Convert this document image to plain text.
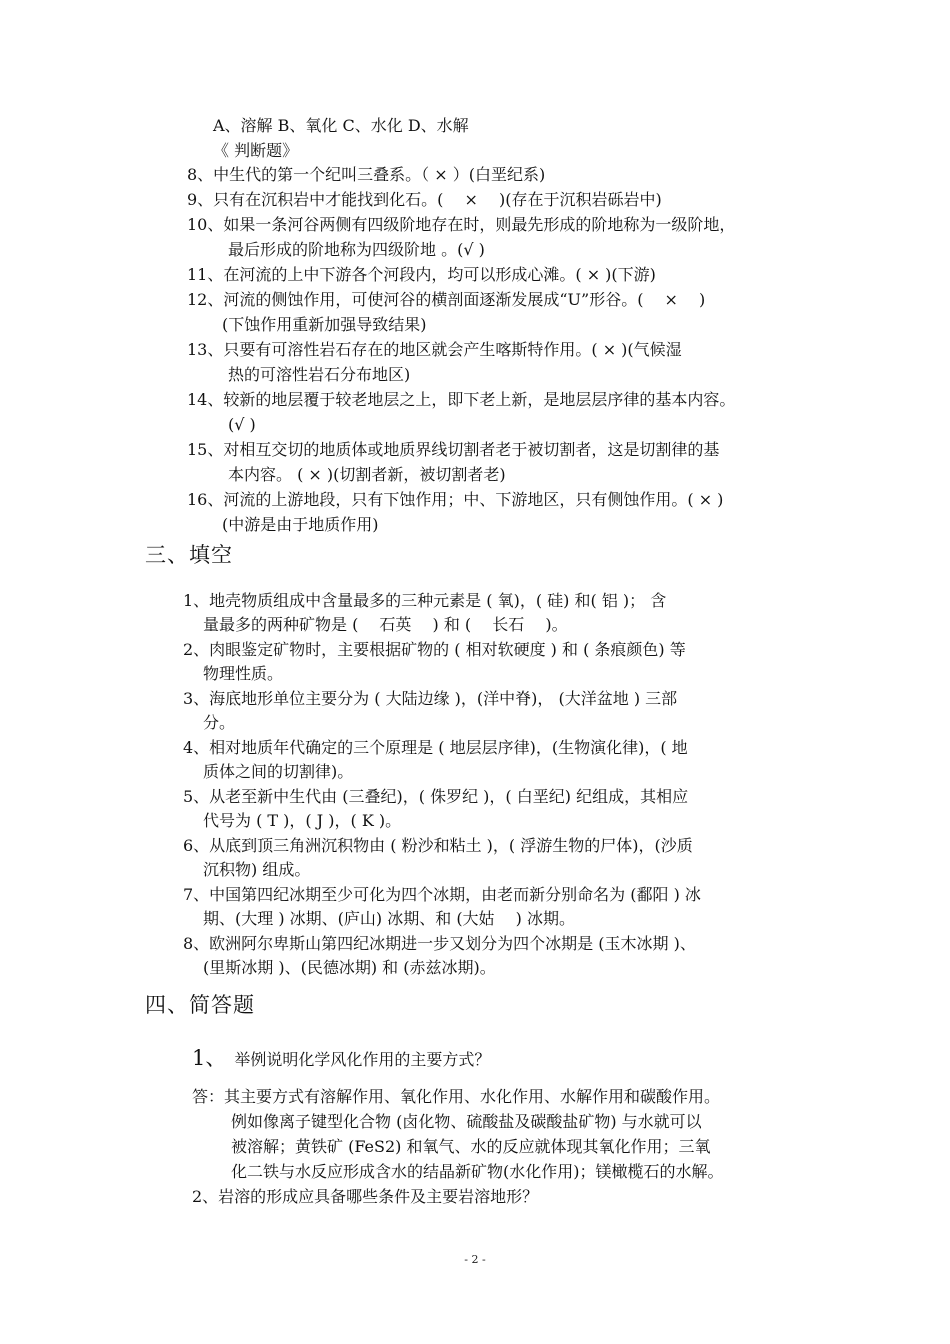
A、溶解 B、氧化 C、水化 D、水解
《 判断题》
8、中生代的第一个纪叫三叠系。（ × ）(白垩纪系)
9、只有在沉积岩中才能找到化石。(　 ×　 )(存在于沉积岩砾岩中)
10、如果一条河谷两侧有四级阶地存在时，则最先形成的阶地称为一级阶地，
最后形成的阶地称为四级阶地 。(√ )
11、在河流的上中下游各个河段内，均可以形成心滩。( × )(下游)
12、河流的侧蚀作用，可使河谷的横剖面逐渐发展成“U”形谷。(　 ×　 )
(下蚀作用重新加强导致结果)
13、只要有可溶性岩石存在的地区就会产生喀斯特作用。( × )(气候湿
热的可溶性岩石分布地区)
14、较新的地层覆于较老地层之上，即下老上新，是地层层序律的基本内容。
(√ )
15、对相互交切的地质体或地质界线切割者老于被切割者，这是切割律的基
本内容。 ( × )(切割者新，被切割者老)
16、河流的上游地段，只有下蚀作用；中、下游地区，只有侧蚀作用。( × )
(中游是由于地质作用)
三、填空
1、地壳物质组成中含量最多的三种元素是 ( 氧)，( 硅) 和( 铝 )； 含
量最多的两种矿物是 (　 石英　 ) 和 (　 长石　 )。
2、肉眼鉴定矿物时，主要根据矿物的 ( 相对软硬度 ) 和 ( 条痕颜色) 等
物理性质。
3、海底地形单位主要分为 ( 大陆边缘 )，(洋中脊)， (大洋盆地 ) 三部
分。
4、相对地质年代确定的三个原理是 ( 地层层序律)，(生物演化律)，( 地
质体之间的切割律)。
5、从老至新中生代由 (三叠纪)，( 侏罗纪 )，( 白垩纪) 纪组成，其相应
代号为 ( T )，( J )，( K )。
6、从底到顶三角洲沉积物由 ( 粉沙和粘土 )，( 浮游生物的尸体)，(沙质
沉积物) 组成。
7、中国第四纪冰期至少可化为四个冰期，由老而新分别命名为 (鄱阳 ) 冰
期、(大理 ) 冰期、(庐山) 冰期、和 (大姑　 ) 冰期。
8、欧洲阿尔卑斯山第四纪冰期进一步又划分为四个冰期是 (玉木冰期 )、
(里斯冰期 )、(民德冰期) 和 (赤兹冰期)。
四、简答题
1、 举例说明化学风化作用的主要方式？
答：其主要方式有溶解作用、氧化作用、水化作用、水解作用和碳酸作用。
例如像离子键型化合物 (卤化物、硫酸盐及碳酸盐矿物) 与水就可以
被溶解；黄铁矿 (FeS2) 和氧气、水的反应就体现其氧化作用；三氧
化二铁与水反应形成含水的结晶新矿物(水化作用)；镁橄榄石的水解。
2、岩溶的形成应具备哪些条件及主要岩溶地形？
- 2 -
